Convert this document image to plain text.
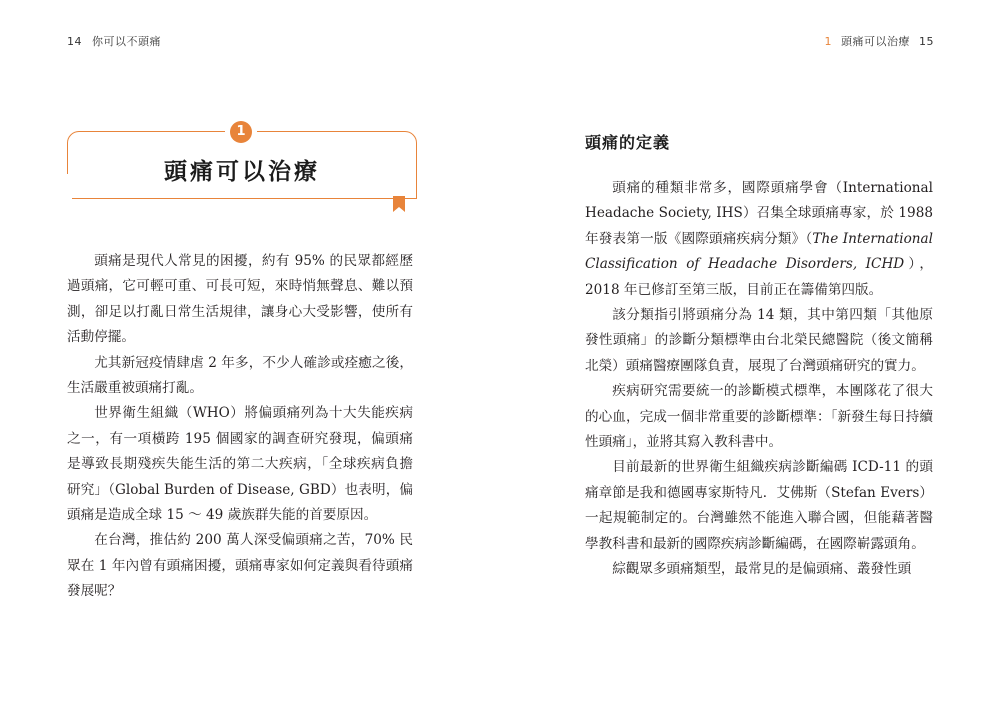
14 你可以不頭痛
1
頭痛可以治療

頭痛是現代人常見的困擾，約有 95% 的民眾都經歷過頭痛，它可輕可重、可長可短，來時悄無聲息、難以預測，卻足以打亂日常生活規律，讓身心大受影響，使所有活動停擺。

尤其新冠疫情肆虐 2 年多，不少人確診或痊癒之後，生活嚴重被頭痛打亂。

世界衛生組織（WHO）將偏頭痛列為十大失能疾病之一，有一項橫跨 195 個國家的調查研究發現，偏頭痛是導致長期殘疾失能生活的第二大疾病，「全球疾病負擔研究」（Global Burden of Disease, GBD）也表明，偏頭痛是造成全球 15 ～ 49 歲族群失能的首要原因。

在台灣，推估約 200 萬人深受偏頭痛之苦，70% 民眾在 1 年內曾有頭痛困擾，頭痛專家如何定義與看待頭痛發展呢？

1 頭痛可以治療 15
頭痛的定義

頭痛的種類非常多，國際頭痛學會（International Headache Society, IHS）召集全球頭痛專家，於 1988 年發表第一版《國際頭痛疾病分類》（The International Classification of Headache Disorders, ICHD），2018 年已修訂至第三版，目前正在籌備第四版。

該分類指引將頭痛分為 14 類，其中第四類「其他原發性頭痛」的診斷分類標準由台北榮民總醫院（後文簡稱北榮）頭痛醫療團隊負責，展現了台灣頭痛研究的實力。

疾病研究需要統一的診斷模式標準，本團隊花了很大的心血，完成一個非常重要的診斷標準：「新發生每日持續性頭痛」，並將其寫入教科書中。

目前最新的世界衛生組織疾病診斷編碼 ICD-11 的頭痛章節是我和德國專家斯特凡．艾佛斯（Stefan Evers）一起規範制定的。台灣雖然不能進入聯合國，但能藉著醫學教科書和最新的國際疾病診斷編碼，在國際嶄露頭角。

綜觀眾多頭痛類型，最常見的是偏頭痛、叢發性頭
